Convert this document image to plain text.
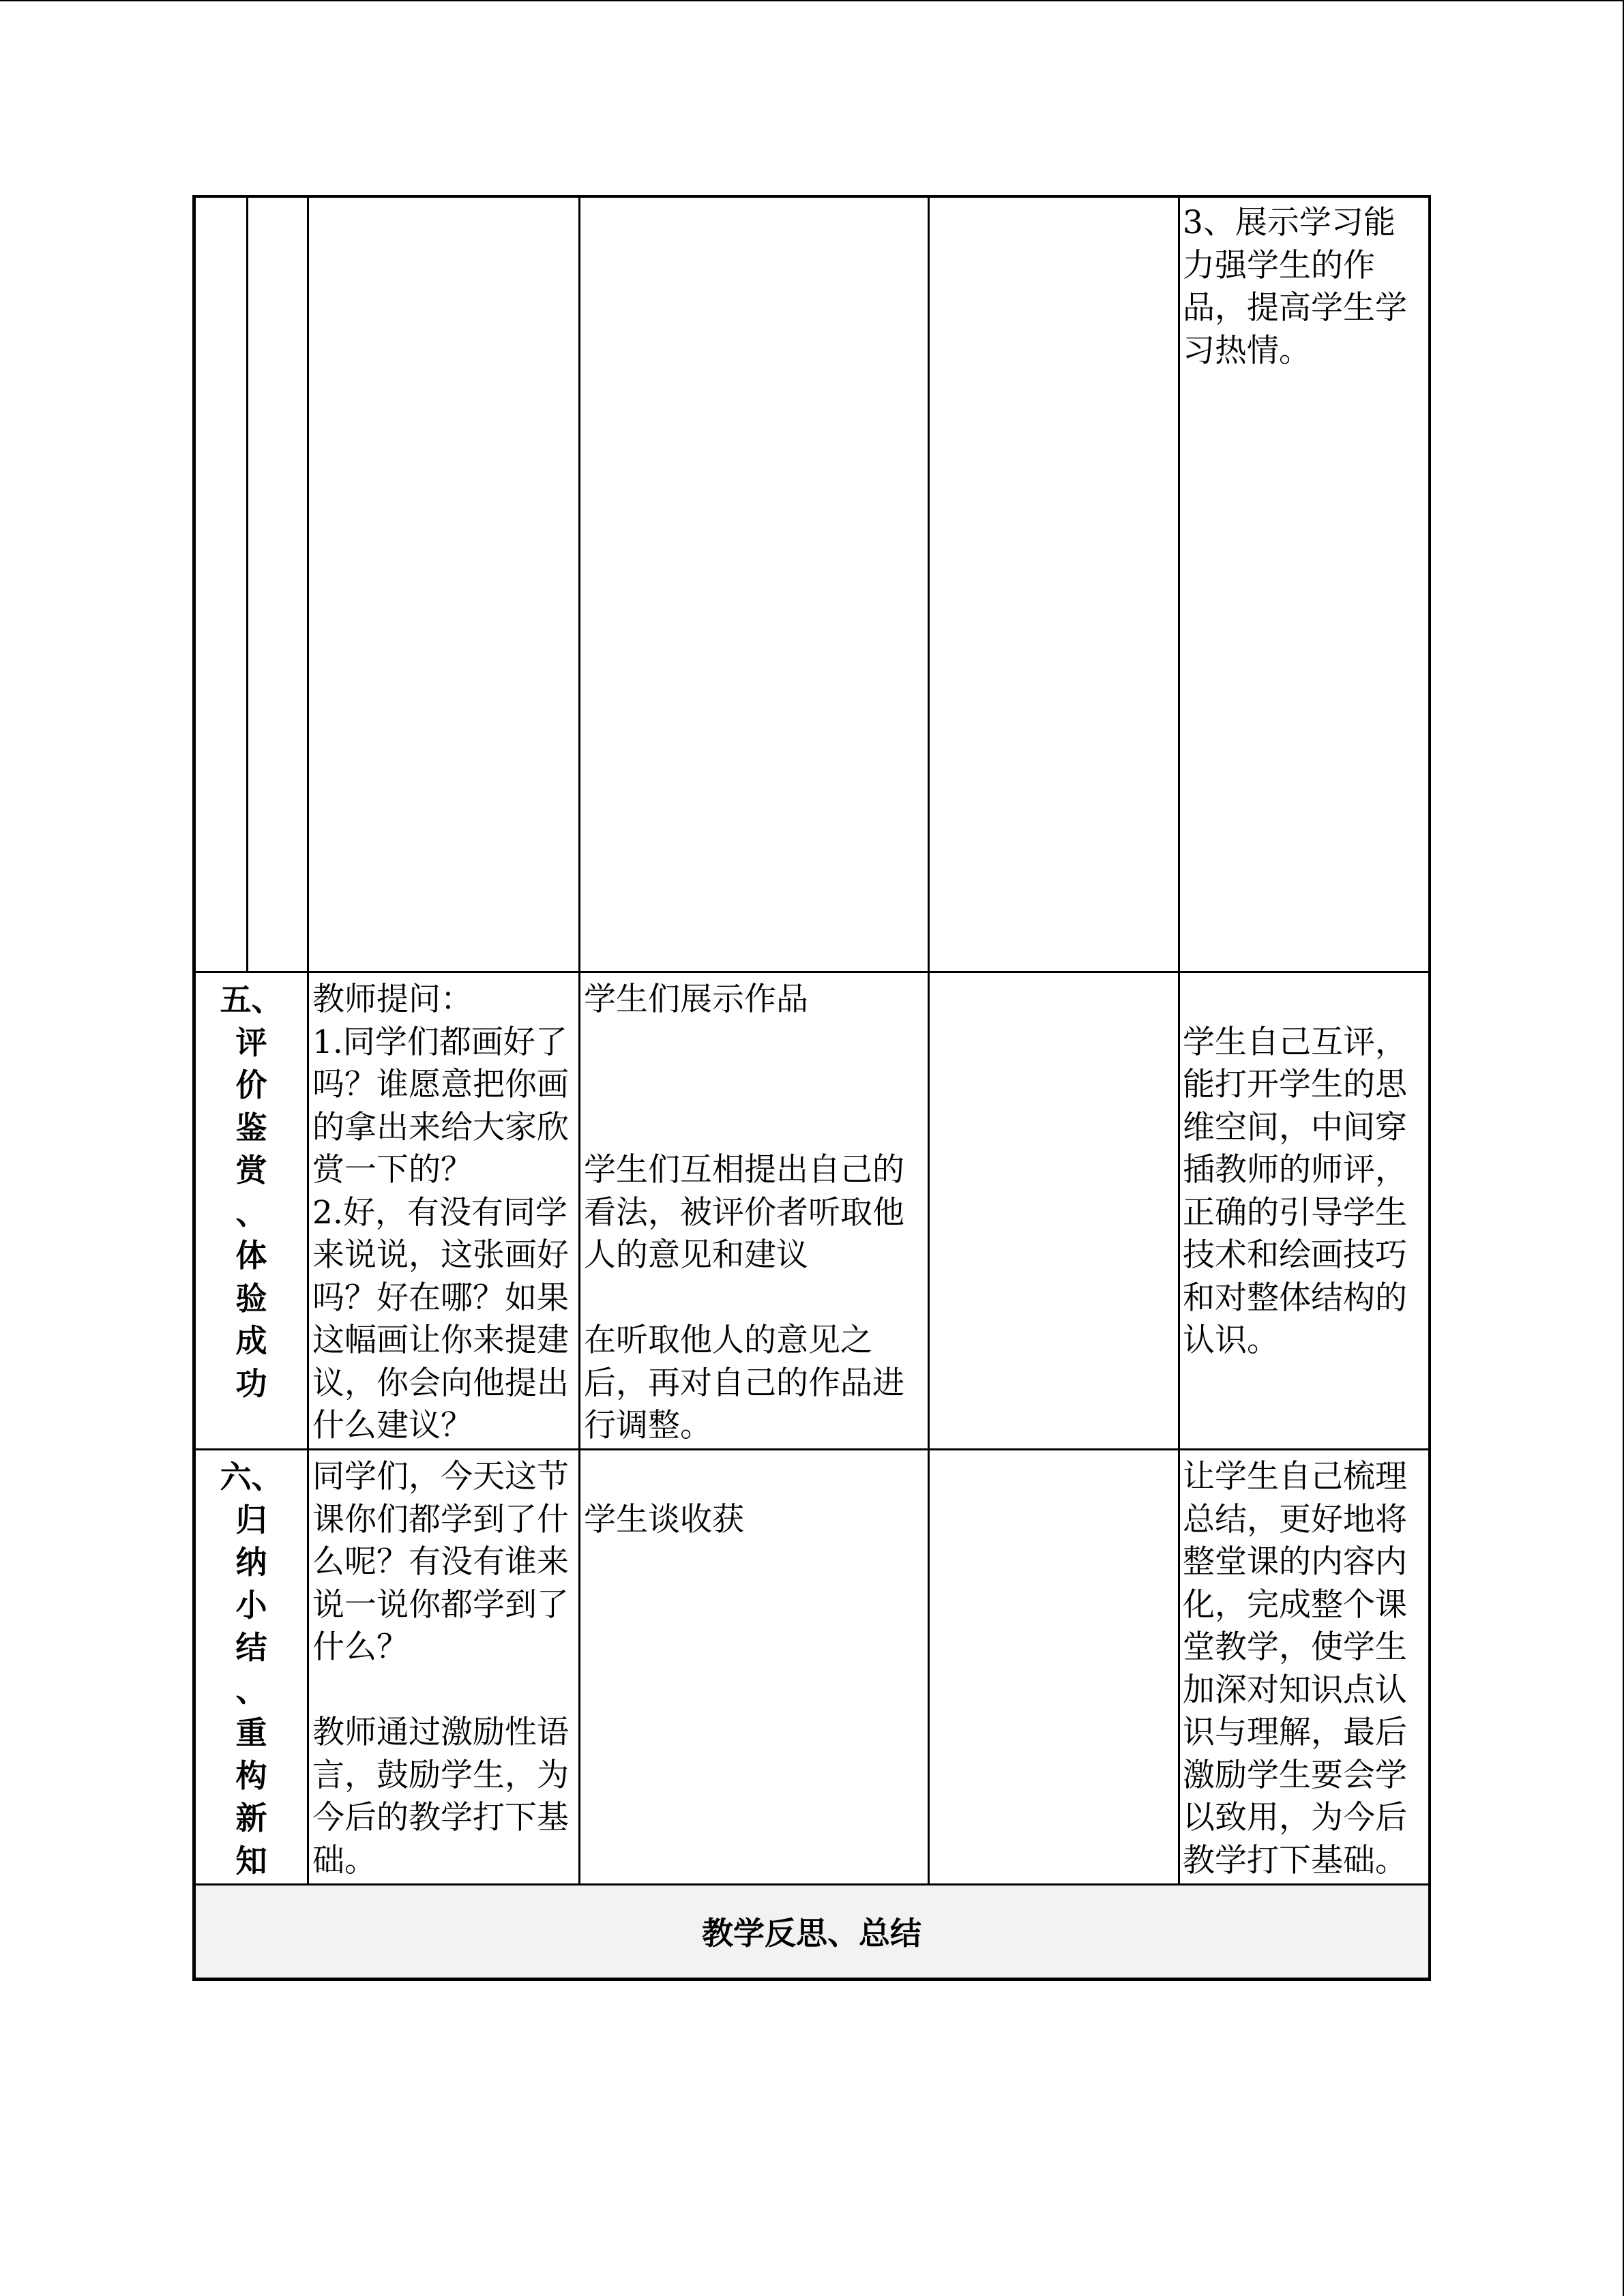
3、展示学习能
力强学生的作
品，提高学生学
习热情。

五、
评
价
鉴
赏
、
体
验
成
功

教师提问：
1.同学们都画好了
吗？谁愿意把你画
的拿出来给大家欣
赏一下的？
2.好，有没有同学
来说说，这张画好
吗？好在哪？如果
这幅画让你来提建
议，你会向他提出
什么建议？

学生们展示作品

学生们互相提出自己的
看法，被评价者听取他
人的意见和建议

在听取他人的意见之
后，再对自己的作品进
行调整。

学生自己互评，
能打开学生的思
维空间，中间穿
插教师的师评，
正确的引导学生
技术和绘画技巧
和对整体结构的
认识。

六、
归
纳
小
结
、
重
构
新
知

同学们，今天这节
课你们都学到了什
么呢？有没有谁来
说一说你都学到了
什么？

教师通过激励性语
言，鼓励学生，为
今后的教学打下基
础。

学生谈收获

让学生自己梳理
总结，更好地将
整堂课的内容内
化，完成整个课
堂教学，使学生
加深对知识点认
识与理解，最后
激励学生要会学
以致用，为今后
教学打下基础。

教学反思、总结
